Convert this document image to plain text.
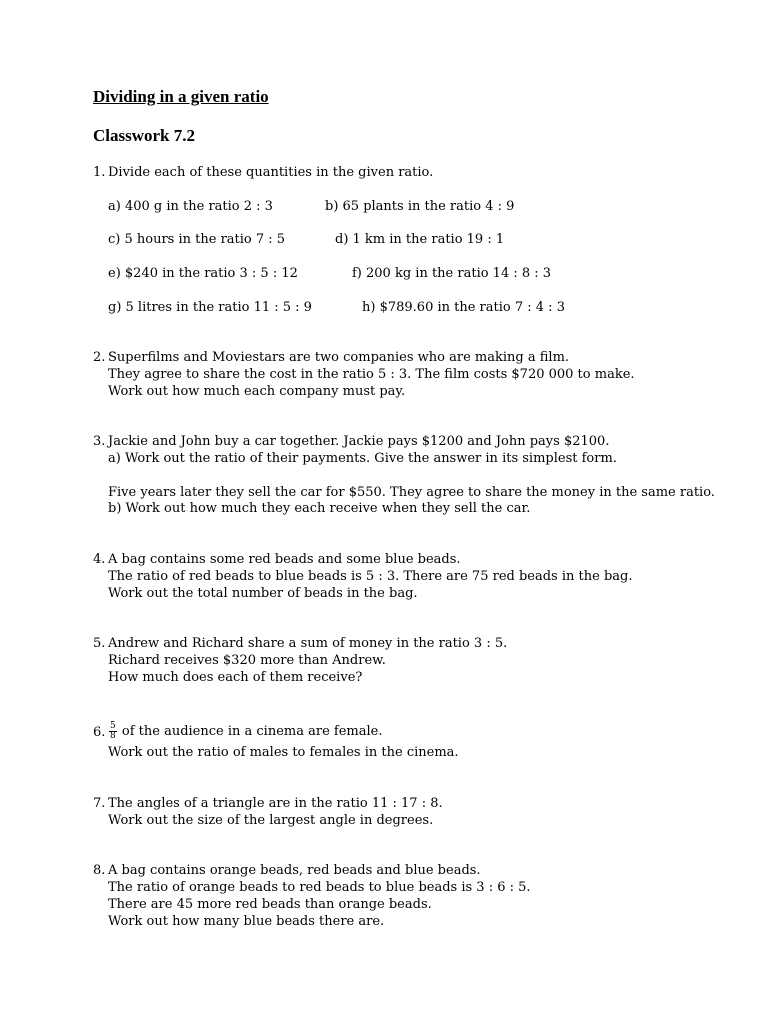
Dividing in a given ratio
Classwork 7.2
1. Divide each of these quantities in the given ratio.

a) 400 g in the ratio 2 : 3	b) 65 plants in the ratio 4 : 9

c) 5 hours in the ratio 7 : 5	d) 1 km in the ratio 19 : 1

e) $240 in the ratio 3 : 5 : 12	f) 200 kg in the ratio 14 : 8 : 3

g) 5 litres in the ratio 11 : 5 : 9	h) $789.60 in the ratio 7 : 4 : 3

2. Superfilms and Moviestars are two companies who are making a film.

They agree to share the cost in the ratio 5 : 3. The film costs $720 000 to make.

Work out how much each company must pay.

3. Jackie and John buy a car together. Jackie pays $1200 and John pays $2100.

a) Work out the ratio of their payments. Give the answer in its simplest form.

Five years later they sell the car for $550. They agree to share the money in the same ratio.

b) Work out how much they each receive when they sell the car.

4. A bag contains some red beads and some blue beads.

The ratio of red beads to blue beads is 5 : 3. There are 75 red beads in the bag.

Work out the total number of beads in the bag.

5. Andrew and Richard share a sum of money in the ratio 3 : 5.

Richard receives $320 more than Andrew.

How much does each of them receive?

6. $\frac{5}{8}$ of the audience in a cinema are female.

Work out the ratio of males to females in the cinema.

7. The angles of a triangle are in the ratio 11 : 17 : 8.

Work out the size of the largest angle in degrees.

8. A bag contains orange beads, red beads and blue beads.

The ratio of orange beads to red beads to blue beads is 3 : 6 : 5.

There are 45 more red beads than orange beads.

Work out how many blue beads there are.
